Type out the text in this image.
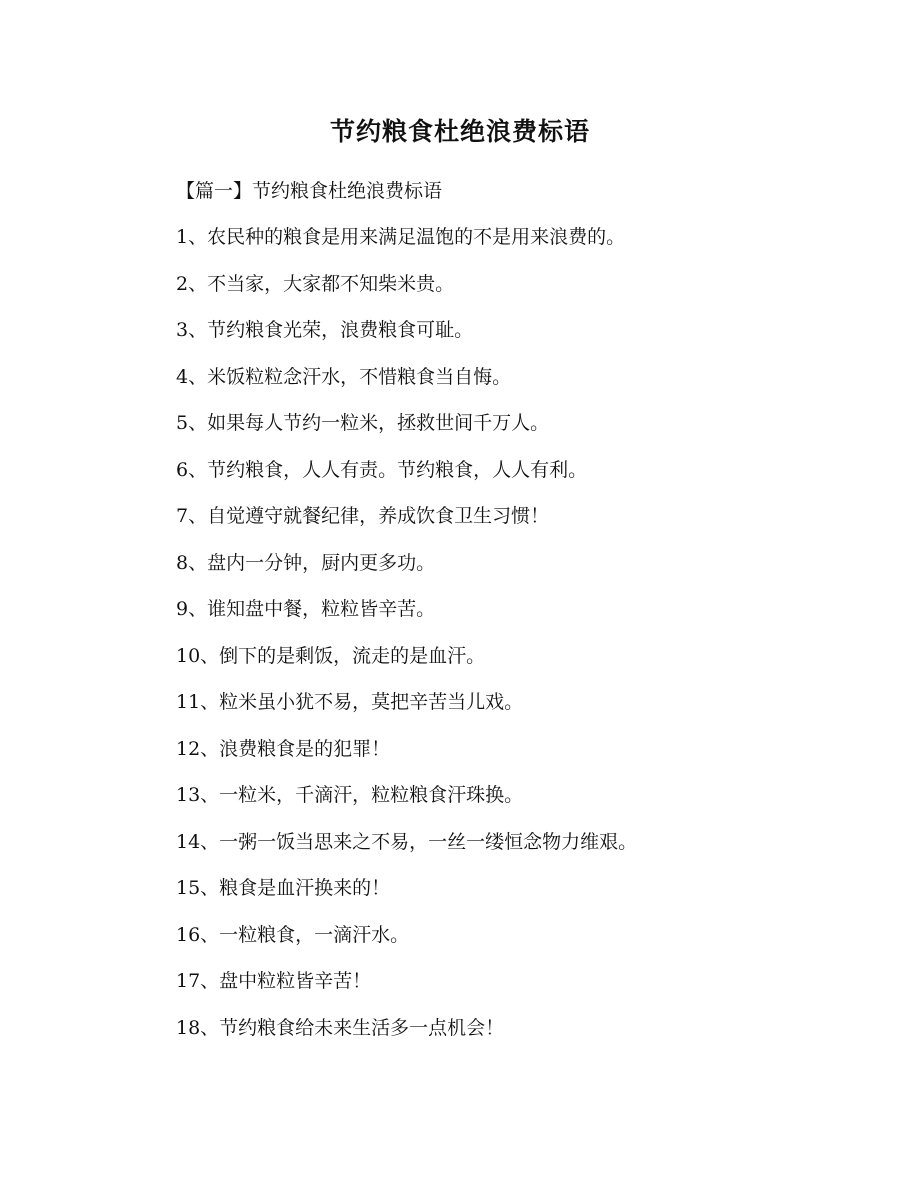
节约粮食杜绝浪费标语

【篇一】节约粮食杜绝浪费标语

1、农民种的粮食是用来满足温饱的不是用来浪费的。
2、不当家，大家都不知柴米贵。
3、节约粮食光荣，浪费粮食可耻。
4、米饭粒粒念汗水，不惜粮食当自悔。
5、如果每人节约一粒米，拯救世间千万人。
6、节约粮食，人人有责。节约粮食，人人有利。
7、自觉遵守就餐纪律，养成饮食卫生习惯！
8、盘内一分钟，厨内更多功。
9、谁知盘中餐，粒粒皆辛苦。
10、倒下的是剩饭，流走的是血汗。
11、粒米虽小犹不易，莫把辛苦当儿戏。
12、浪费粮食是的犯罪！
13、一粒米，千滴汗，粒粒粮食汗珠换。
14、一粥一饭当思来之不易，一丝一缕恒念物力维艰。
15、粮食是血汗换来的！
16、一粒粮食，一滴汗水。
17、盘中粒粒皆辛苦！
18、节约粮食给未来生活多一点机会！
